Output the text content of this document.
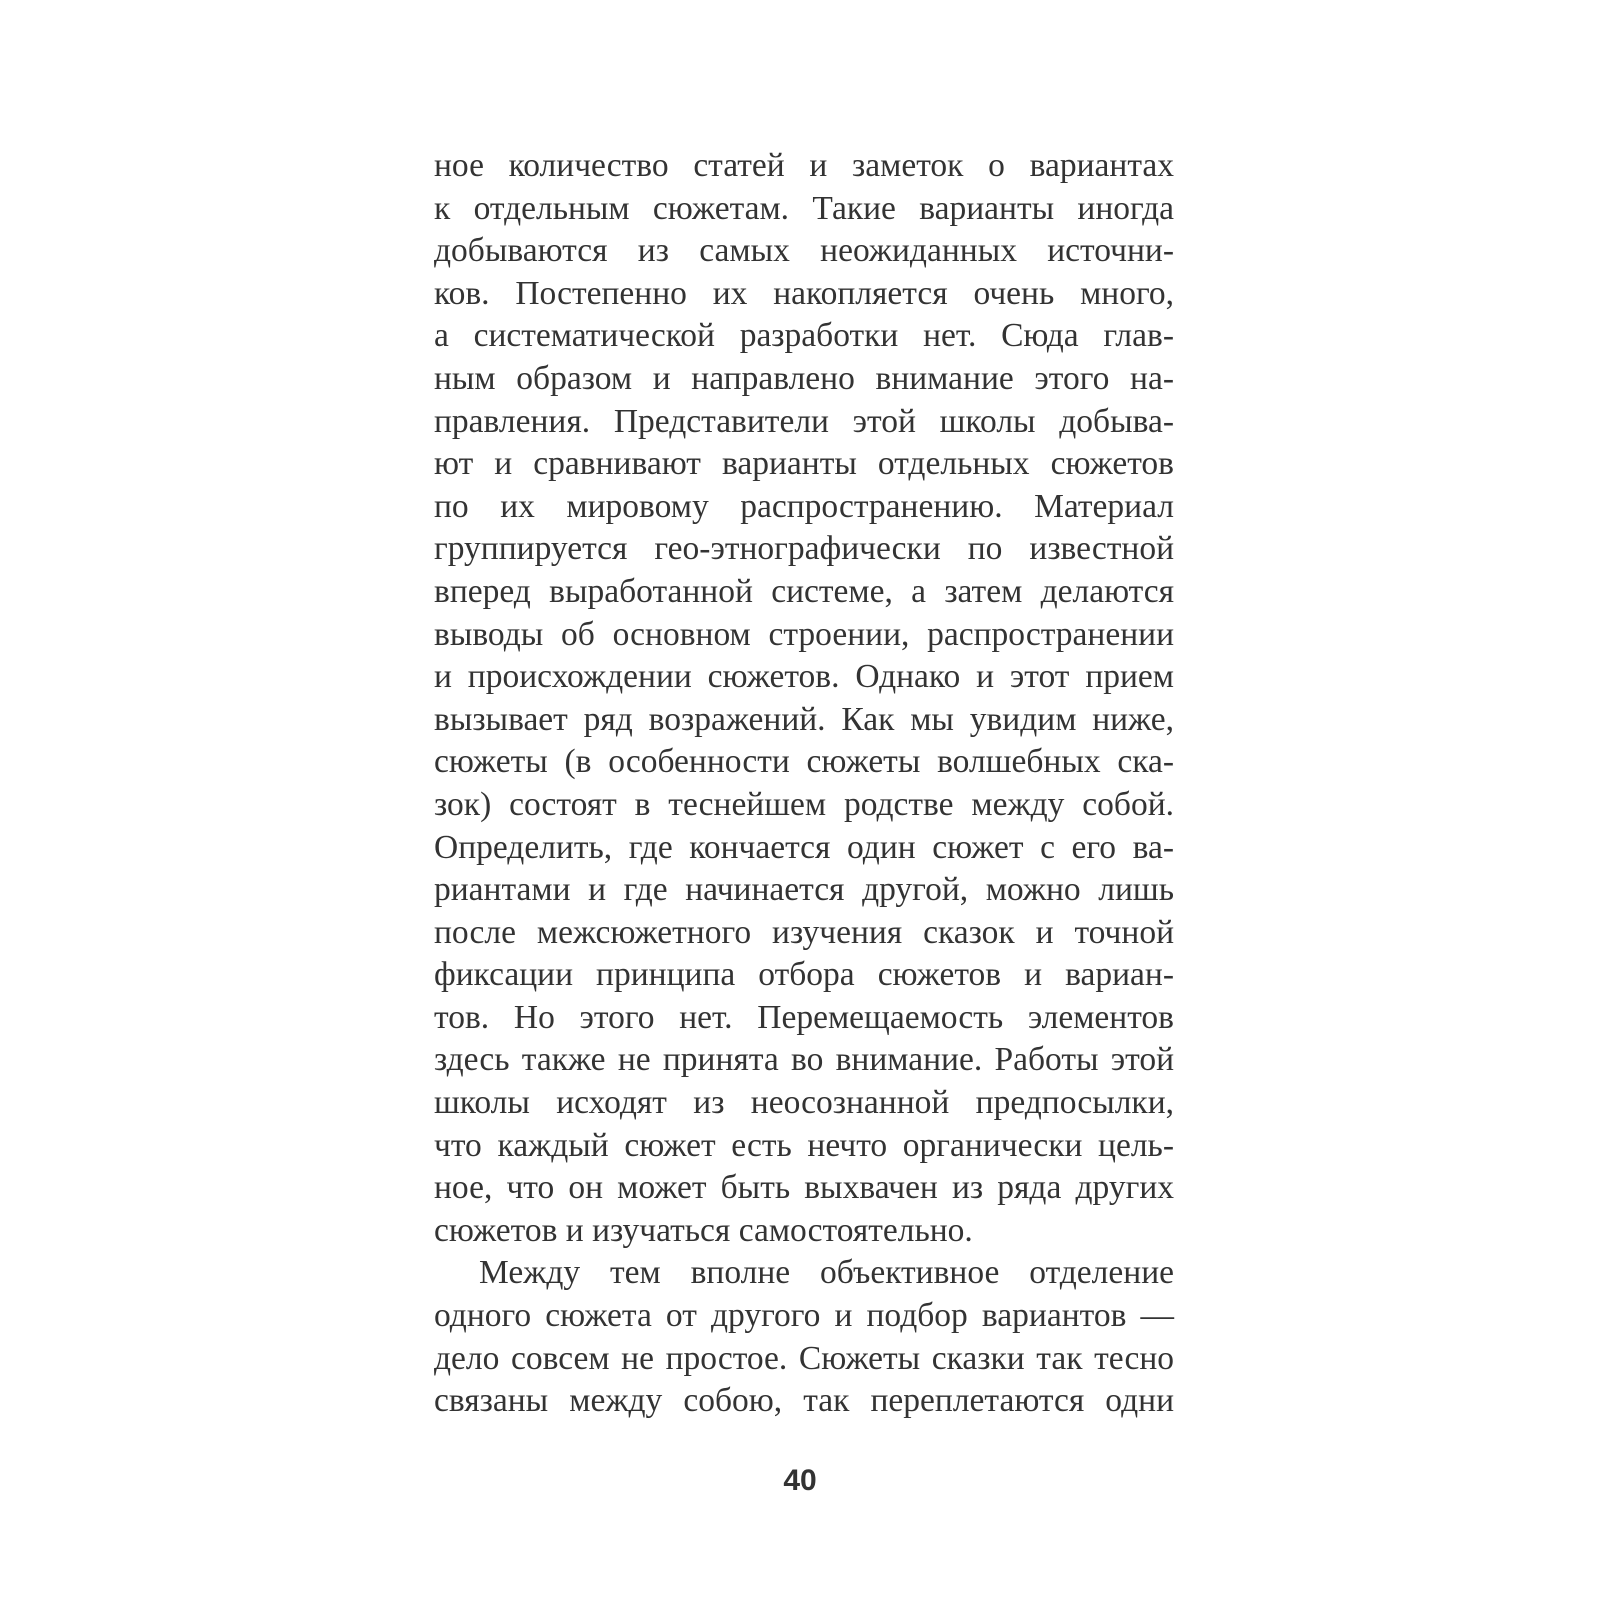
ное количество статей и заметок о вариантах
к отдельным сюжетам. Такие варианты иногда
добываются из самых неожиданных источни-
ков. Постепенно их накопляется очень много,
а систематической разработки нет. Сюда глав-
ным образом и направлено внимание этого на-
правления. Представители этой школы добыва-
ют и сравнивают варианты отдельных сюжетов
по их мировому распространению. Материал
группируется гео-этнографически по известной
вперед выработанной системе, а затем делаются
выводы об основном строении, распространении
и происхождении сюжетов. Однако и этот прием
вызывает ряд возражений. Как мы увидим ниже,
сюжеты (в особенности сюжеты волшебных ска-
зок) состоят в теснейшем родстве между собой.
Определить, где кончается один сюжет с его ва-
риантами и где начинается другой, можно лишь
после межсюжетного изучения сказок и точной
фиксации принципа отбора сюжетов и вариан-
тов. Но этого нет. Перемещаемость элементов
здесь также не принята во внимание. Работы этой
школы исходят из неосознанной предпосылки,
что каждый сюжет есть нечто органически цель-
ное, что он может быть выхвачен из ряда других
сюжетов и изучаться самостоятельно.
Между тем вполне объективное отделение
одного сюжета от другого и подбор вариантов —
дело совсем не простое. Сюжеты сказки так тесно
связаны между собою, так переплетаются одни
40
